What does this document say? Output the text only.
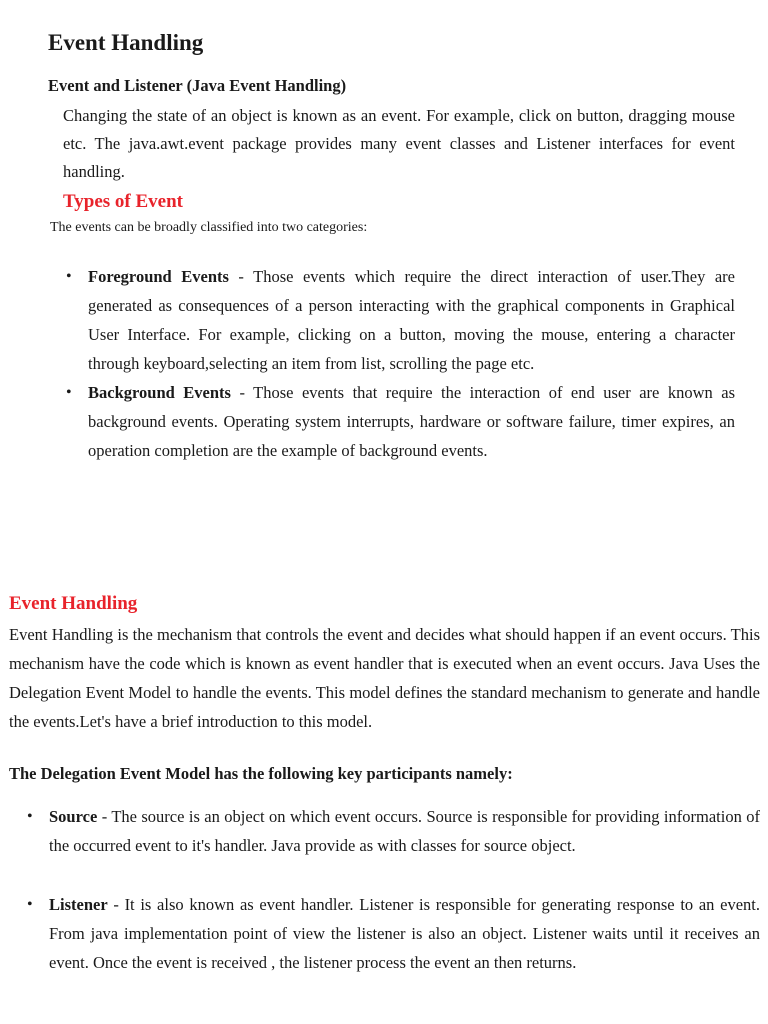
Event Handling
Event and Listener (Java Event Handling)

Changing the state of an object is known as an event. For example, click on button, dragging mouse etc. The java.awt.event package provides many event classes and Listener interfaces for event handling.

Types of Event

The events can be broadly classified into two categories:

• Foreground Events - Those events which require the direct interaction of user.They are generated as consequences of a person interacting with the graphical components in Graphical User Interface. For example, clicking on a button, moving the mouse, entering a character through keyboard,selecting an item from list, scrolling the page etc.
• Background Events - Those events that require the interaction of end user are known as background events. Operating system interrupts, hardware or software failure, timer expires, an operation completion are the example of background events.
Event Handling

Event Handling is the mechanism that controls the event and decides what should happen if an event occurs. This mechanism have the code which is known as event handler that is executed when an event occurs. Java Uses the Delegation Event Model to handle the events. This model defines the standard mechanism to generate and handle the events.Let's have a brief introduction to this model.

The Delegation Event Model has the following key participants namely:

• Source - The source is an object on which event occurs. Source is responsible for providing information of the occurred event to it's handler. Java provide as with classes for source object.
• Listener - It is also known as event handler. Listener is responsible for generating response to an event. From java implementation point of view the listener is also an object. Listener waits until it receives an event. Once the event is received , the listener process the event an then returns.
